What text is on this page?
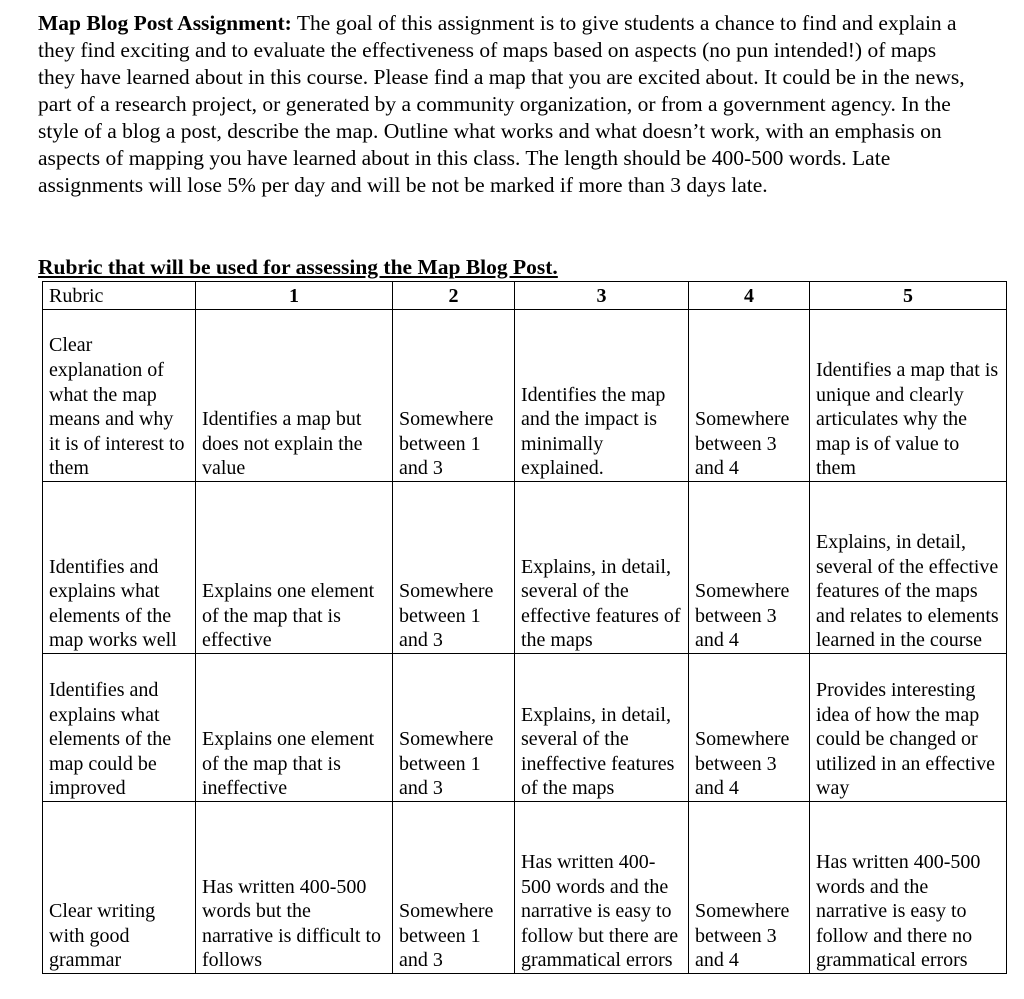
Map Blog Post Assignment: The goal of this assignment is to give students a chance to find and explain a they find exciting and to evaluate the effectiveness of maps based on aspects (no pun intended!) of maps they have learned about in this course. Please find a map that you are excited about. It could be in the news, part of a research project, or generated by a community organization, or from a government agency. In the style of a blog a post, describe the map. Outline what works and what doesn’t work, with an emphasis on aspects of mapping you have learned about in this class. The length should be 400-500 words. Late assignments will lose 5% per day and will be not be marked if more than 3 days late.

Rubric that will be used for assessing the Map Blog Post.

Rubric	1	2	3	4	5
Clear explanation of what the map means and why it is of interest to them	Identifies a map but does not explain the value	Somewhere between 1 and 3	Identifies the map and the impact is minimally explained.	Somewhere between 3 and 4	Identifies a map that is unique and clearly articulates why the map is of value to them
Identifies and explains what elements of the map works well	Explains one element of the map that is effective	Somewhere between 1 and 3	Explains, in detail, several of the effective features of the maps	Somewhere between 3 and 4	Explains, in detail, several of the effective features of the maps and relates to elements learned in the course
Identifies and explains what elements of the map could be improved	Explains one element of the map that is ineffective	Somewhere between 1 and 3	Explains, in detail, several of the ineffective features of the maps	Somewhere between 3 and 4	Provides interesting idea of how the map could be changed or utilized in an effective way
Clear writing with good grammar	Has written 400-500 words but the narrative is difficult to follows	Somewhere between 1 and 3	Has written 400-500 words and the narrative is easy to follow but there are grammatical errors	Somewhere between 3 and 4	Has written 400-500 words and the narrative is easy to follow and there no grammatical errors
